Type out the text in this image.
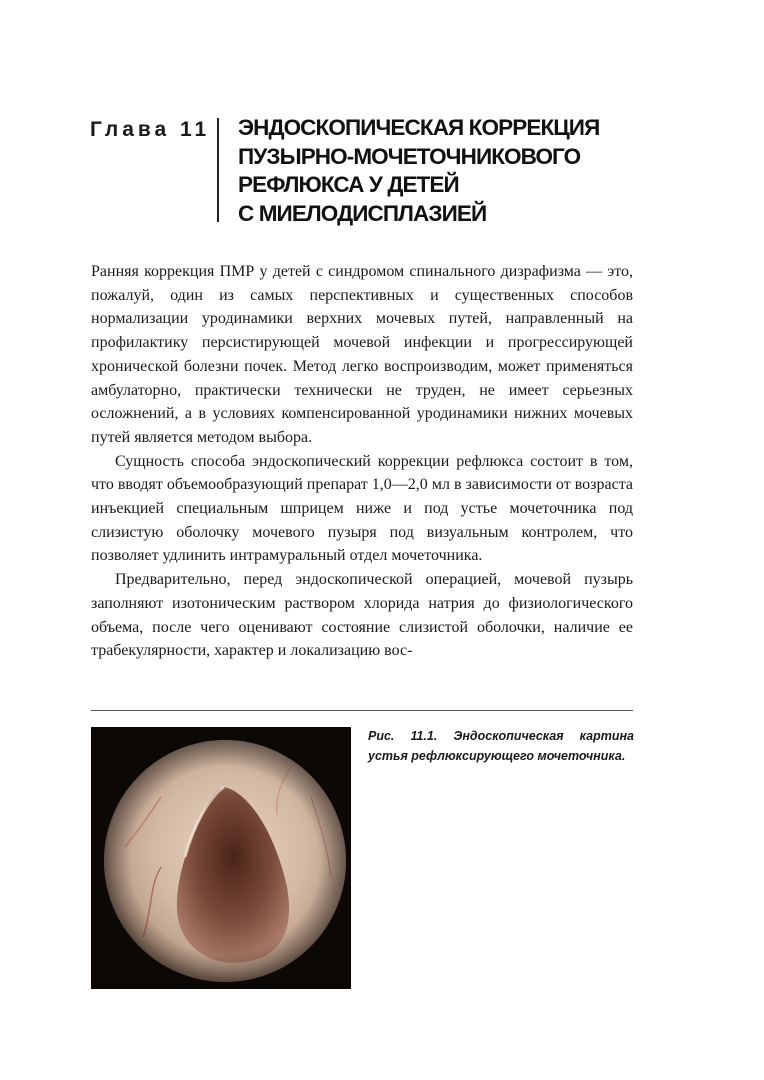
Глава 11 ЭНДОСКОПИЧЕСКАЯ КОРРЕКЦИЯ
ПУЗЫРНО-МОЧЕТОЧНИКОВОГО
РЕФЛЮКСА У ДЕТЕЙ
С МИЕЛОДИСПЛАЗИЕЙ

Ранняя коррекция ПМР у детей с синдромом спинального дизрафизма — это, пожалуй, один из самых перспективных и существенных способов нормализации уродинамики верхних мочевых путей, направленный на профилактику персистирующей мочевой инфекции и прогрессирующей хронической болезни почек. Метод легко воспроизводим, может применяться амбулаторно, практически технически не труден, не имеет серьезных осложнений, а в условиях компенсированной уродинамики нижних мочевых путей является методом выбора.

Сущность способа эндоскопический коррекции рефлюкса состоит в том, что вводят объемообразующий препарат 1,0—2,0 мл в зависимости от возраста инъекцией специальным шприцем ниже и под устье мочеточника под слизистую оболочку мочевого пузыря под визуальным контролем, что позволяет удлинить интрамуральный отдел мочеточника.

Предварительно, перед эндоскопической операцией, мочевой пузырь заполняют изотоническим раствором хлорида натрия до физиологического объема, после чего оценивают состояние слизистой оболочки, наличие ее трабекулярности, характер и локализацию вос-

Рис. 11.1. Эндоскопическая картина устья рефлюксирующего мочеточника.
